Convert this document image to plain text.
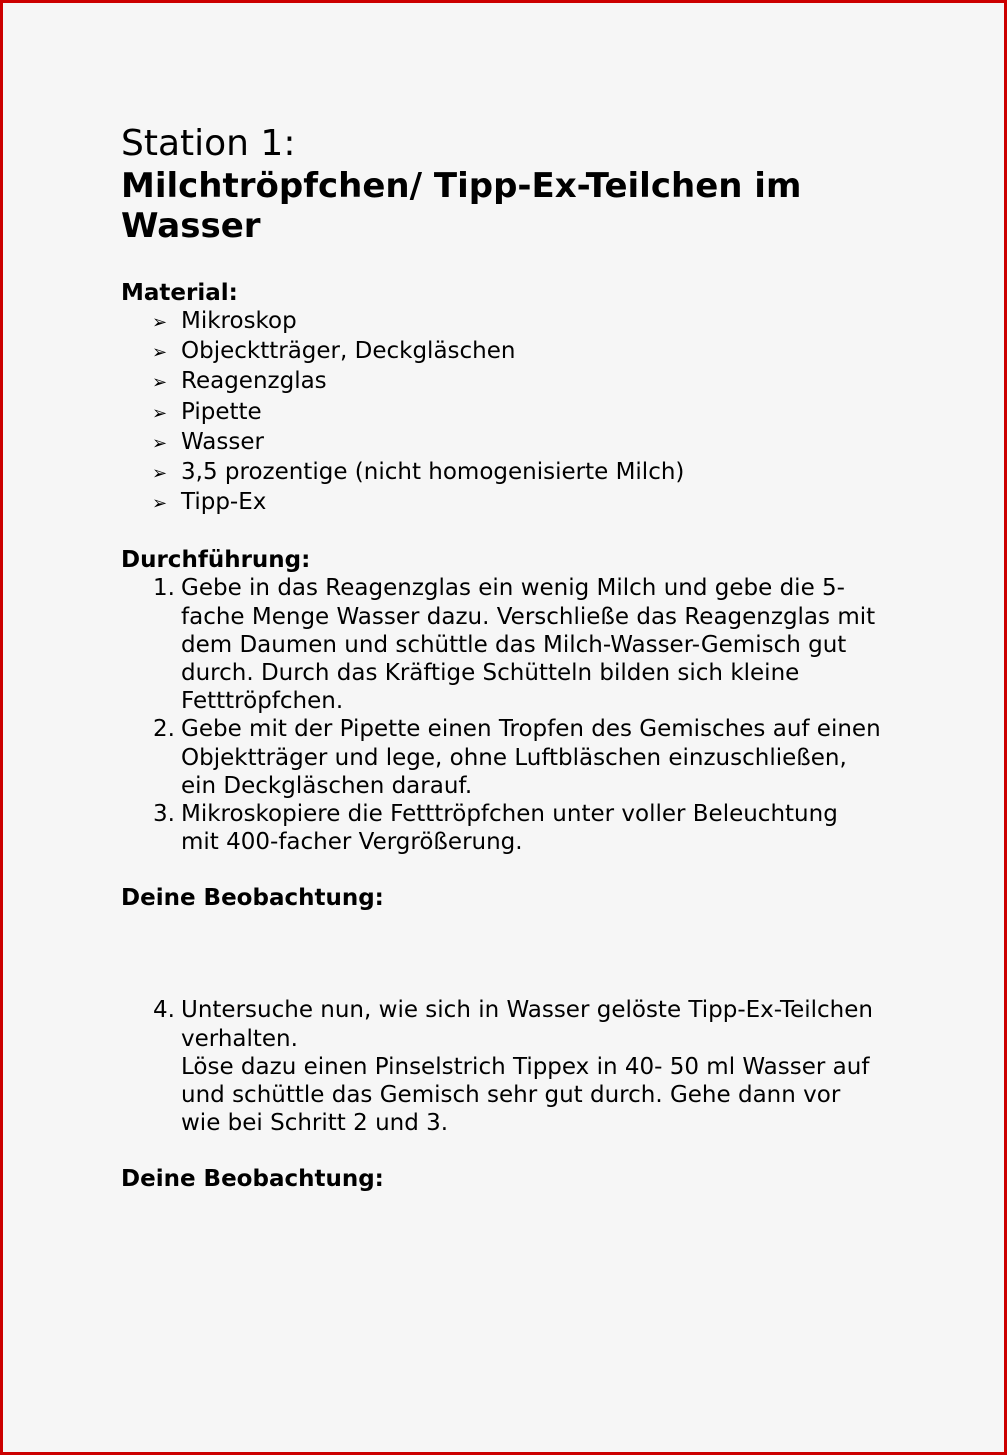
Station 1:
Milchtröpfchen/ Tipp-Ex-Teilchen im Wasser
Material:
➢ Mikroskop
➢ Objecktträger, Deckgläschen
➢ Reagenzglas
➢ Pipette
➢ Wasser
➢ 3,5 prozentige (nicht homogenisierte Milch)
➢ Tipp-Ex
Durchführung:
1. Gebe in das Reagenzglas ein wenig Milch und gebe die 5-fache Menge Wasser dazu. Verschließe das Reagenzglas mit dem Daumen und schüttle das Milch-Wasser-Gemisch gut durch. Durch das Kräftige Schütteln bilden sich kleine Fetttröpfchen.
2. Gebe mit der Pipette einen Tropfen des Gemisches auf einen Objektträger und lege, ohne Luftbläschen einzuschließen, ein Deckgläschen darauf.
3. Mikroskopiere die Fetttröpfchen unter voller Beleuchtung mit 400-facher Vergrößerung.
Deine Beobachtung:
4. Untersuche nun, wie sich in Wasser gelöste Tipp-Ex-Teilchen verhalten.
Löse dazu einen Pinselstrich Tippex in 40- 50 ml Wasser auf und schüttle das Gemisch sehr gut durch. Gehe dann vor wie bei Schritt 2 und 3.
Deine Beobachtung:
